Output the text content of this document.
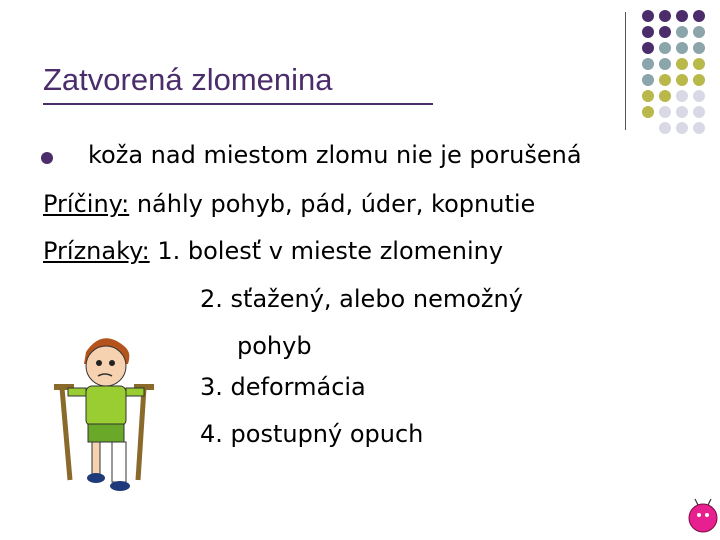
Zatvorená zlomenina
koža nad miestom zlomu nie je porušená
Príčiny: náhly pohyb, pád, úder, kopnutie
Príznaky: 1. bolesť v mieste zlomeniny
2. sťažený, alebo nemožný
pohyb
3. deformácia
4. postupný opuch
